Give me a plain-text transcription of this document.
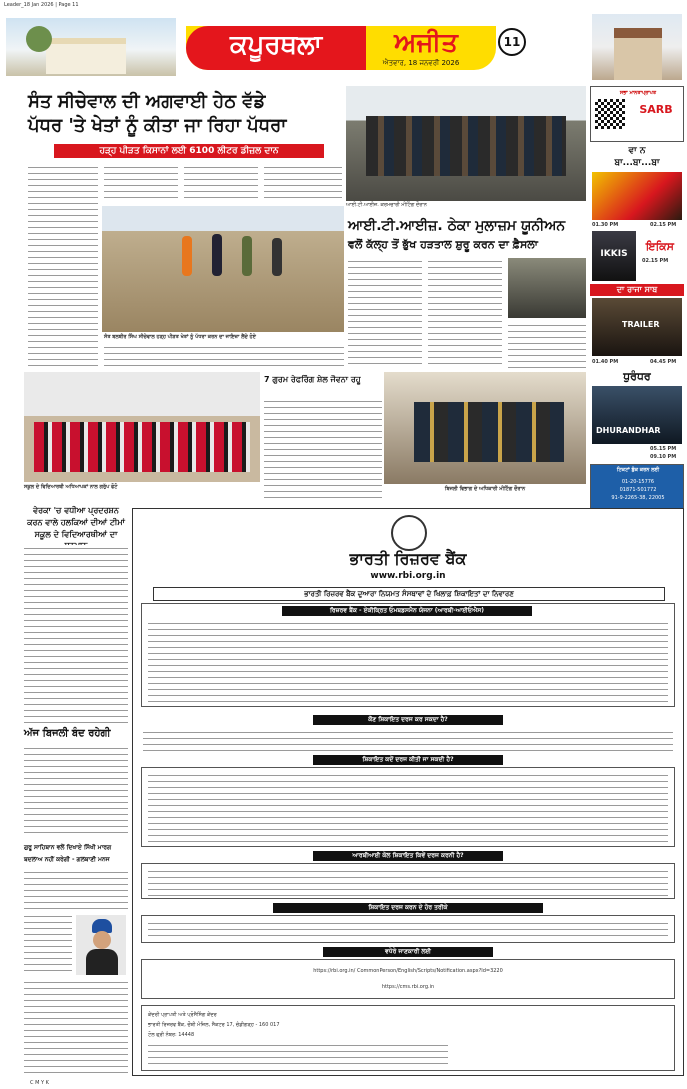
Leader_18 Jan 2026 | Page 11
ਕਪੂਰਥਲਾ	ਅਜੀਤ
ਐਤਵਾਰ, 18 ਜਨਵਰੀ 2026
11
ਸੰਤ ਸੀਚੇਵਾਲ ਦੀ ਅਗਵਾਈ ਹੇਠ ਵੱਡੇ
ਪੱਧਰ 'ਤੇ ਖੇਤਾਂ ਨੂੰ ਕੀਤਾ ਜਾ ਰਿਹਾ ਪੱਧਰਾ
ਹੜ੍ਹ ਪੀੜਤ ਕਿਸਾਨਾਂ ਲਈ 6100 ਲੀਟਰ ਡੀਜ਼ਲ ਦਾਨ
ਸੰਤ ਬਲਬੀਰ ਸਿੰਘ ਸੀਚੇਵਾਲ ਹੜ੍ਹ ਪੀੜਤ ਖੇਤਾਂ ਨੂੰ ਪੱਧਰਾ ਕਰਨ ਦਾ ਜਾਇਜ਼ਾ ਲੈਂਦੇ ਹੋਏ
ਆਈ.ਟੀ.ਆਈਜ਼. ਕਰਮਚਾਰੀ ਮੀਟਿੰਗ ਦੌਰਾਨ
ਆਈ.ਟੀ.ਆਈਜ਼. ਠੇਕਾ ਮੁਲਾਜ਼ਮ ਯੂਨੀਅਨ
ਵਲੋਂ ਕੱਲ੍ਹ ਤੋਂ ਭੁੱਖ ਹੜਤਾਲ ਸ਼ੁਰੂ ਕਰਨ ਦਾ ਫ਼ੈਸਲਾ
ਸਭਾ ਮਾਨਤਾਪ੍ਰਾਪਤ
SARB
ਵਾ ਨ
ਬਾ...ਬਾ...ਬਾ
01.30 PM	02.15 PM
IKKIS
ਇਕਿਸ
02.15 PM
ਦਾ ਰਾਜਾ ਸਾਬ
TRAILER
01.40 PM	04.45 PM
ਧੁਰੰਧਰ
DHURANDHAR
05.15 PM
09.10 PM
ਟਿਕਟਾਂ ਬੁੱਕ ਕਰਨ ਲਈ
01-20-15776
01871-501772
91-9-2265-38, 22005
ਸਕੂਲ ਦੇ ਵਿਦਿਆਰਥੀ ਅਧਿਆਪਕਾਂ ਨਾਲ ਗਰੁੱਪ ਫੋਟੋ
7 ਗੁਰਮ ਰੇਫਰਿੰਗ ਸ਼ੇਲ ਜੌਵਨਾ ਰਹੂ
ਬਿਜਲੀ ਵਿਭਾਗ ਦੇ ਅਧਿਕਾਰੀ ਮੀਟਿੰਗ ਦੌਰਾਨ
ਵੇਰਕਾ 'ਚ ਵਧੀਆ ਪ੍ਰਦਰਸ਼ਨ
ਕਰਨ ਵਾਲੇ ਹਲਕਿਆਂ ਦੀਆਂ ਟੀਮਾਂ
ਸਕੂਲ ਦੇ ਵਿਦਿਆਰਥੀਆਂ ਦਾ
ਅੱਜ ਬਿਜਲੀ ਬੰਦ ਰਹੇਗੀ
ਗੁਰੂ ਸਾਹਿਬਾਨ ਵਲੋਂ ਦਿਖਾਏ ਸਿੱਖੀ ਮਾਰਗ
ਬਦਲਾਅ ਨਹੀਂ ਕਰੇਗੀ - ਗਲਬਾਣੀ ਮਨਜ
ਭਾਰਤੀ ਰਿਜ਼ਰਵ ਬੈਂਕ
www.rbi.org.in
ਭਾਰਤੀ ਰਿਜ਼ਰਵ ਬੈਂਕ ਦੁਆਰਾ ਨਿਯਮਤ ਸੰਸਥਾਵਾਂ ਦੇ ਖਿਲਾਫ਼ ਸ਼ਿਕਾਇਤਾਂ ਦਾ ਨਿਵਾਰਣ
ਰਿਜ਼ਰਵ ਬੈਂਕ - ਏਕੀਕ੍ਰਿਤ ਓਮਬਡਸਮੈਨ ਯੋਜਨਾ (ਆਰਬੀ-ਆਈਓਐਸ)
ਕੌਣ ਸ਼ਿਕਾਇਤ ਦਰਜ ਕਰ ਸਕਦਾ ਹੈ?
ਸ਼ਿਕਾਇਤ ਕਦੋਂ ਦਰਜ ਕੀਤੀ ਜਾ ਸਕਦੀ ਹੈ?
ਆਰਬੀਆਈ ਕੋਲ ਸ਼ਿਕਾਇਤ ਕਿਵੇਂ ਦਰਜ ਕਰਨੀ ਹੈ?
ਸ਼ਿਕਾਇਤ ਦਰਜ ਕਰਨ ਦੇ ਹੋਰ ਤਰੀਕੇ
ਵਧੇਰੇ ਜਾਣਕਾਰੀ ਲਈ
https://rbi.org.in/ CommonPerson/English/Scripts/Notification.aspx?Id=3220
https://cms.rbi.org.in
ਕੇਂਦਰੀ ਪ੍ਰਾਪਤੀ ਅਤੇ ਪ੍ਰੋਸੈਸਿੰਗ ਕੇਂਦਰ
ਭਾਰਤੀ ਰਿਜ਼ਰਵ ਬੈਂਕ, ਚੌਥੀ ਮੰਜ਼ਿਲ, ਸੈਕਟਰ 17, ਚੰਡੀਗੜ੍ਹ - 160 017
ਟੋਲ ਫ੍ਰੀ ਨੰਬਰ: 14448
C M Y K
